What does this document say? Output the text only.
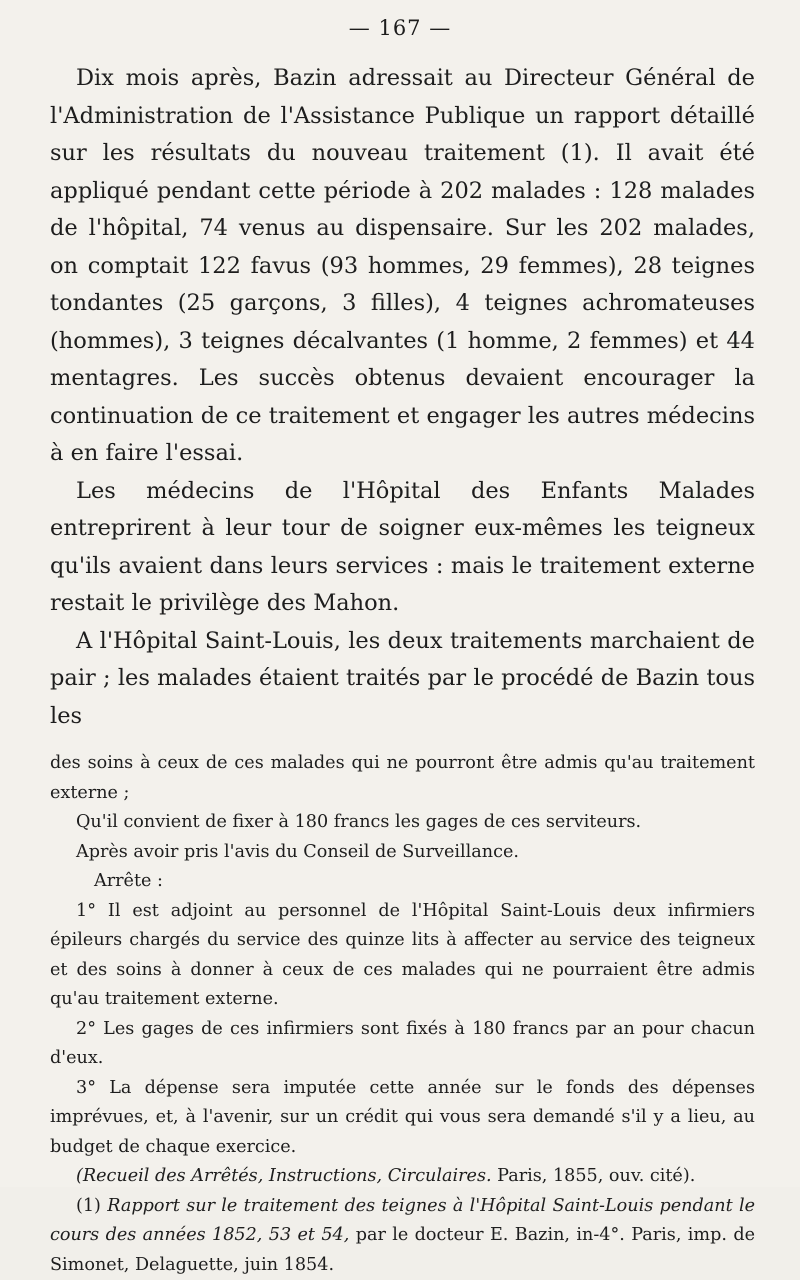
— 167 —

Dix mois après, Bazin adressait au Directeur Général de l'Administration de l'Assistance Publique un rapport détaillé sur les résultats du nouveau traitement (1). Il avait été appliqué pendant cette période à 202 malades : 128 malades de l'hôpital, 74 venus au dispensaire. Sur les 202 malades, on comptait 122 favus (93 hommes, 29 femmes), 28 teignes tondantes (25 garçons, 3 filles), 4 teignes achromateuses (hommes), 3 teignes décalvantes (1 homme, 2 femmes) et 44 mentagres. Les succès obtenus devaient encourager la continuation de ce traitement et engager les autres médecins à en faire l'essai.

Les médecins de l'Hôpital des Enfants Malades entreprirent à leur tour de soigner eux-mêmes les teigneux qu'ils avaient dans leurs services : mais le traitement externe restait le privilège des Mahon.

A l'Hôpital Saint-Louis, les deux traitements marchaient de pair ; les malades étaient traités par le procédé de Bazin tous les

des soins à ceux de ces malades qui ne pourront être admis qu'au traitement externe ;

Qu'il convient de fixer à 180 francs les gages de ces serviteurs.

Après avoir pris l'avis du Conseil de Surveillance.

Arrête :

1° Il est adjoint au personnel de l'Hôpital Saint-Louis deux infirmiers épileurs chargés du service des quinze lits à affecter au service des teigneux et des soins à donner à ceux de ces malades qui ne pourraient être admis qu'au traitement externe.

2° Les gages de ces infirmiers sont fixés à 180 francs par an pour chacun d'eux.

3° La dépense sera imputée cette année sur le fonds des dépenses imprévues, et, à l'avenir, sur un crédit qui vous sera demandé s'il y a lieu, au budget de chaque exercice.

(Recueil des Arrêtés, Instructions, Circulaires. Paris, 1855, ouv. cité).

(1) Rapport sur le traitement des teignes à l'Hôpital Saint-Louis pendant le cours des années 1852, 53 et 54, par le docteur E. Bazin, in-4°. Paris, imp. de Simonet, Delaguette, juin 1854.
